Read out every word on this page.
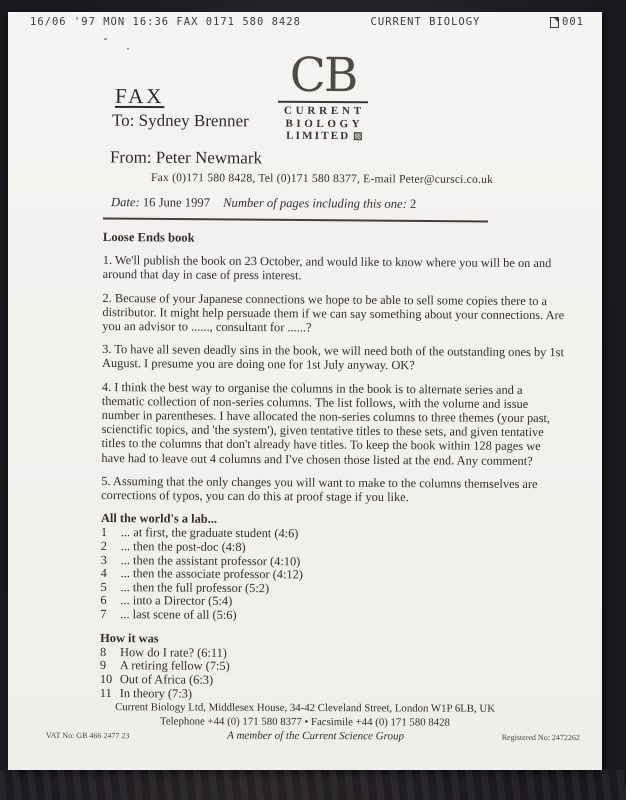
16/06 '97 MON 16:36 FAX 0171 580 8428	CURRENT BIOLOGY	001
CB
CURRENT
BIOLOGY
LIMITED
FAX
To: Sydney Brenner
From: Peter Newmark
Fax (0)171 580 8428, Tel (0)171 580 8377, E-mail Peter@cursci.co.uk
Date: 16 June 1997 Number of pages including this one: 2
Loose Ends book
1. We'll publish the book on 23 October, and would like to know where you will be on and around that day in case of press interest.
2. Because of your Japanese connections we hope to be able to sell some copies there to a distributor. It might help persuade them if we can say something about your connections. Are you an advisor to ......, consultant for ......?
3. To have all seven deadly sins in the book, we will need both of the outstanding ones by 1st August. I presume you are doing one for 1st July anyway. OK?
4. I think the best way to organise the columns in the book is to alternate series and a thematic collection of non-series columns. The list follows, with the volume and issue number in parentheses. I have allocated the non-series columns to three themes (your past, scienctific topics, and 'the system'), given tentative titles to these sets, and given tentative titles to the columns that don't already have titles. To keep the book within 128 pages we have had to leave out 4 columns and I've chosen those listed at the end. Any comment?
5. Assuming that the only changes you will want to make to the columns themselves are corrections of typos, you can do this at proof stage if you like.
All the world's a lab...
1	... at first, the graduate student (4:6)
2	... then the post-doc (4:8)
3	... then the assistant professor (4:10)
4	... then the associate professor (4:12)
5	... then the full professor (5:2)
6	... into a Director (5:4)
7	... last scene of all (5:6)
How it was
8	How do I rate? (6:11)
9	A retiring fellow (7:5)
10 Out of Africa (6:3)
11 In theory (7:3)
Current Biology Ltd, Middlesex House, 34-42 Cleveland Street, London W1P 6LB, UK
Telephone +44 (0) 171 580 8377 • Facsimile +44 (0) 171 580 8428
VAT No: GB 466 2477 23	A member of the Current Science Group	Registered No: 2472262
